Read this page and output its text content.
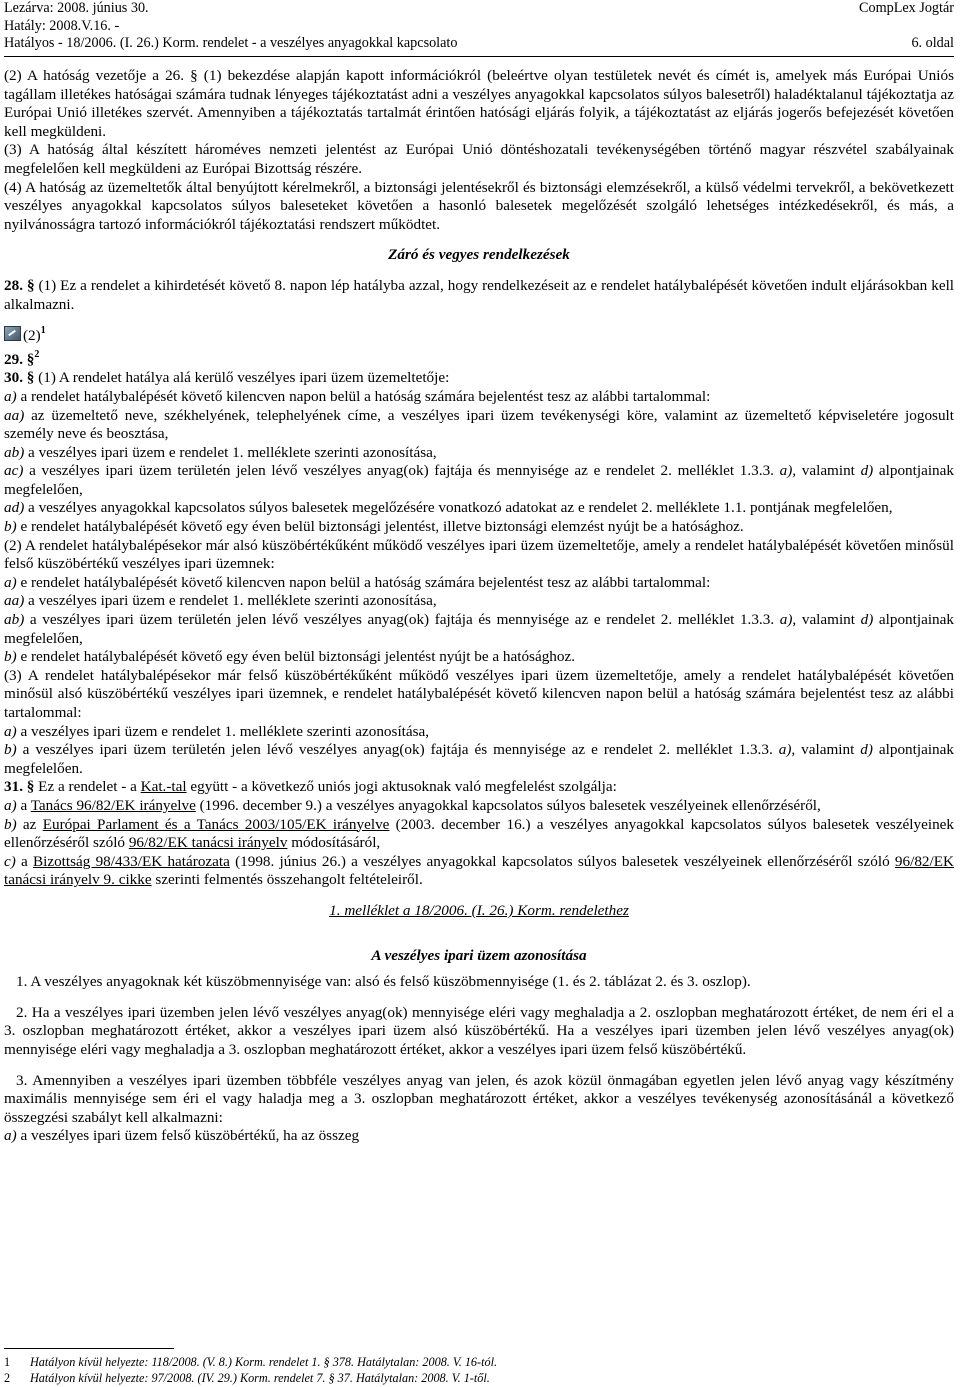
Lezárva: 2008. június 30.	CompLex Jogtár
Hatály: 2008.V.16. -
Hatályos - 18/2006. (I. 26.) Korm. rendelet - a veszélyes anyagokkal kapcsolato	6. oldal

(2) A hatóság vezetője a 26. § (1) bekezdése alapján kapott információkról (beleértve olyan testületek nevét és címét is, amelyek más Európai Uniós tagállam illetékes hatóságai számára tudnak lényeges tájékoztatást adni a veszélyes anyagokkal kapcsolatos súlyos balesetről) haladéktalanul tájékoztatja az Európai Unió illetékes szervét. Amennyiben a tájékoztatás tartalmát érintően hatósági eljárás folyik, a tájékoztatást az eljárás jogerős befejezését követően kell megküldeni.

(3) A hatóság által készített hároméves nemzeti jelentést az Európai Unió döntéshozatali tevékenységében történő magyar részvétel szabályainak megfelelően kell megküldeni az Európai Bizottság részére.

(4) A hatóság az üzemeltetők által benyújtott kérelmekről, a biztonsági jelentésekről és biztonsági elemzésekről, a külső védelmi tervekről, a bekövetkezett veszélyes anyagokkal kapcsolatos súlyos baleseteket követően a hasonló balesetek megelőzését szolgáló lehetséges intézkedésekről, és más, a nyilvánosságra tartozó információkról tájékoztatási rendszert működtet.

Záró és vegyes rendelkezések

28. § (1) Ez a rendelet a kihirdetését követő 8. napon lép hatályba azzal, hogy rendelkezéseit az e rendelet hatálybalépését követően indult eljárásokban kell alkalmazni.

$(2)^1$

29. §$^2$

30. § (1) A rendelet hatálya alá kerülő veszélyes ipari üzem üzemeltetője:

a) a rendelet hatálybalépését követő kilencven napon belül a hatóság számára bejelentést tesz az alábbi tartalommal:

aa) az üzemeltető neve, székhelyének, telephelyének címe, a veszélyes ipari üzem tevékenységi köre, valamint az üzemeltető képviseletére jogosult személy neve és beosztása,

ab) a veszélyes ipari üzem e rendelet 1. melléklete szerinti azonosítása,

ac) a veszélyes ipari üzem területén jelen lévő veszélyes anyag(ok) fajtája és mennyisége az e rendelet 2. melléklet 1.3.3. a), valamint d) alpontjainak megfelelően,

ad) a veszélyes anyagokkal kapcsolatos súlyos balesetek megelőzésére vonatkozó adatokat az e rendelet 2. melléklete 1.1. pontjának megfelelően,

b) e rendelet hatálybalépését követő egy éven belül biztonsági jelentést, illetve biztonsági elemzést nyújt be a hatósághoz.

(2) A rendelet hatálybalépésekor már alsó küszöbértékűként működő veszélyes ipari üzem üzemeltetője, amely a rendelet hatálybalépését követően minősül felső küszöbértékű veszélyes ipari üzemnek:

a) e rendelet hatálybalépését követő kilencven napon belül a hatóság számára bejelentést tesz az alábbi tartalommal:

aa) a veszélyes ipari üzem e rendelet 1. melléklete szerinti azonosítása,

ab) a veszélyes ipari üzem területén jelen lévő veszélyes anyag(ok) fajtája és mennyisége az e rendelet 2. melléklet 1.3.3. a), valamint d) alpontjainak megfelelően,

b) e rendelet hatálybalépését követő egy éven belül biztonsági jelentést nyújt be a hatósághoz.

(3) A rendelet hatálybalépésekor már felső küszöbértékűként működő veszélyes ipari üzem üzemeltetője, amely a rendelet hatálybalépését követően minősül alsó küszöbértékű veszélyes ipari üzemnek, e rendelet hatálybalépését követő kilencven napon belül a hatóság számára bejelentést tesz az alábbi tartalommal:

a) a veszélyes ipari üzem e rendelet 1. melléklete szerinti azonosítása,

b) a veszélyes ipari üzem területén jelen lévő veszélyes anyag(ok) fajtája és mennyisége az e rendelet 2. melléklet 1.3.3. a), valamint d) alpontjainak megfelelően.

31. § Ez a rendelet - a Kat.-tal együtt - a következő uniós jogi aktusoknak való megfelelést szolgálja:

a) a Tanács 96/82/EK irányelve (1996. december 9.) a veszélyes anyagokkal kapcsolatos súlyos balesetek veszélyeinek ellenőrzéséről,

b) az Európai Parlament és a Tanács 2003/105/EK irányelve (2003. december 16.) a veszélyes anyagokkal kapcsolatos súlyos balesetek veszélyeinek ellenőrzéséről szóló 96/82/EK tanácsi irányelv módosításáról,

c) a Bizottság 98/433/EK határozata (1998. június 26.) a veszélyes anyagokkal kapcsolatos súlyos balesetek veszélyeinek ellenőrzéséről szóló 96/82/EK tanácsi irányelv 9. cikke szerinti felmentés összehangolt feltételeiről.

1. melléklet a 18/2006. (I. 26.) Korm. rendelethez

A veszélyes ipari üzem azonosítása

1. A veszélyes anyagoknak két küszöbmennyisége van: alsó és felső küszöbmennyisége (1. és 2. táblázat 2. és 3. oszlop).

2. Ha a veszélyes ipari üzemben jelen lévő veszélyes anyag(ok) mennyisége eléri vagy meghaladja a 2. oszlopban meghatározott értéket, de nem éri el a 3. oszlopban meghatározott értéket, akkor a veszélyes ipari üzem alsó küszöbértékű. Ha a veszélyes ipari üzemben jelen lévő veszélyes anyag(ok) mennyisége eléri vagy meghaladja a 3. oszlopban meghatározott értéket, akkor a veszélyes ipari üzem felső küszöbértékű.

3. Amennyiben a veszélyes ipari üzemben többféle veszélyes anyag van jelen, és azok közül önmagában egyetlen jelen lévő anyag vagy készítmény maximális mennyisége sem éri el vagy haladja meg a 3. oszlopban meghatározott értéket, akkor a veszélyes tevékenység azonosításánál a következő összegzési szabályt kell alkalmazni:

a) a veszélyes ipari üzem felső küszöbértékű, ha az összeg

1 Hatályon kívül helyezte: 118/2008. (V. 8.) Korm. rendelet 1. § 378. Hatálytalan: 2008. V. 16-tól.
2 Hatályon kívül helyezte: 97/2008. (IV. 29.) Korm. rendelet 7. § 37. Hatálytalan: 2008. V. 1-től.
